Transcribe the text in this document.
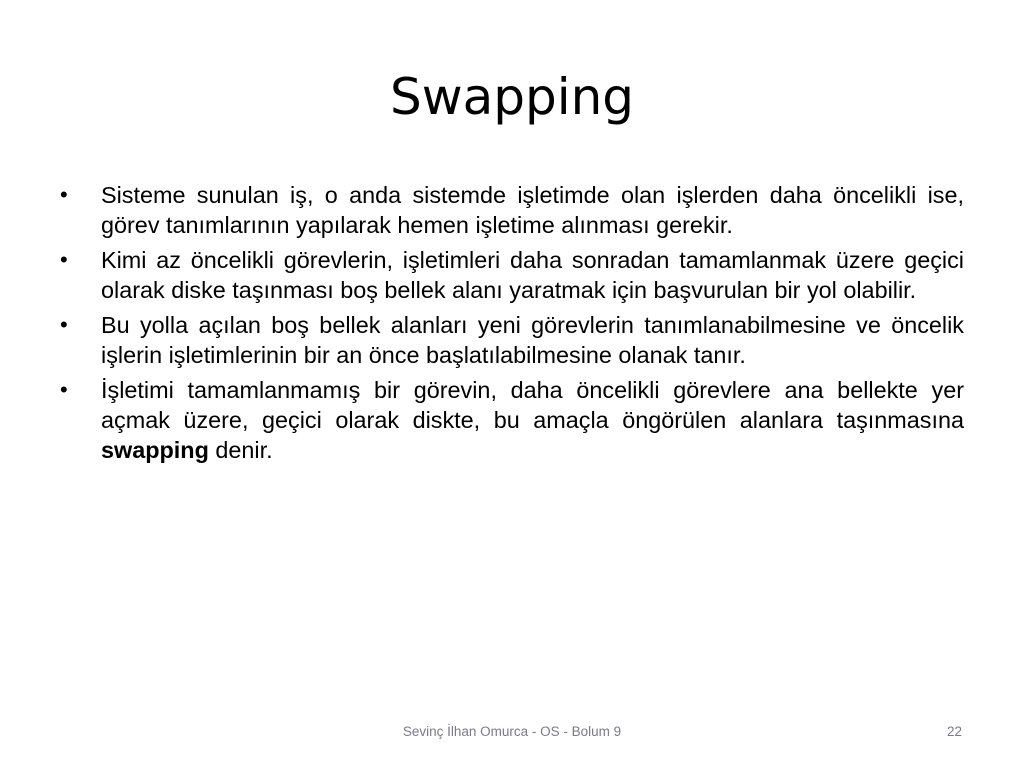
Swapping
•	Sisteme sunulan iş, o anda sistemde işletimde olan işlerden daha öncelikli ise, görev tanımlarının yapılarak hemen işletime alınması gerekir.
•	Kimi az öncelikli görevlerin, işletimleri daha sonradan tamamlanmak üzere geçici olarak diske taşınması boş bellek alanı yaratmak için başvurulan bir yol olabilir.
•	Bu yolla açılan boş bellek alanları yeni görevlerin tanımlanabilmesine ve öncelik işlerin işletimlerinin bir an önce başlatılabilmesine olanak tanır.
•	İşletimi tamamlanmamış bir görevin, daha öncelikli görevlere ana bellekte yer açmak üzere, geçici olarak diskte, bu amaçla öngörülen alanlara taşınmasına swapping denir.
Sevinç İlhan Omurca - OS - Bolum 9	22
